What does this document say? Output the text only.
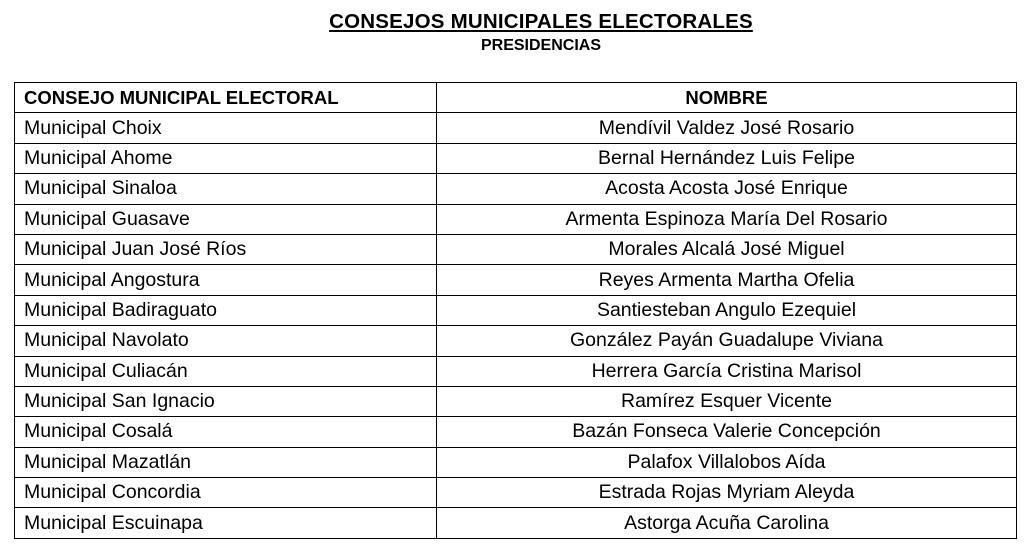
CONSEJOS MUNICIPALES ELECTORALES
PRESIDENCIAS
CONSEJO MUNICIPAL ELECTORAL	NOMBRE
Municipal Choix	Mendívil Valdez José Rosario
Municipal Ahome	Bernal Hernández Luis Felipe
Municipal Sinaloa	Acosta Acosta José Enrique
Municipal Guasave	Armenta Espinoza María Del Rosario
Municipal Juan José Ríos	Morales Alcalá José Miguel
Municipal Angostura	Reyes Armenta Martha Ofelia
Municipal Badiraguato	Santiesteban Angulo Ezequiel
Municipal Navolato	González Payán Guadalupe Viviana
Municipal Culiacán	Herrera García Cristina Marisol
Municipal San Ignacio	Ramírez Esquer Vicente
Municipal Cosalá	Bazán Fonseca Valerie Concepción
Municipal Mazatlán	Palafox Villalobos Aída
Municipal Concordia	Estrada Rojas Myriam Aleyda
Municipal Escuinapa	Astorga Acuña Carolina
